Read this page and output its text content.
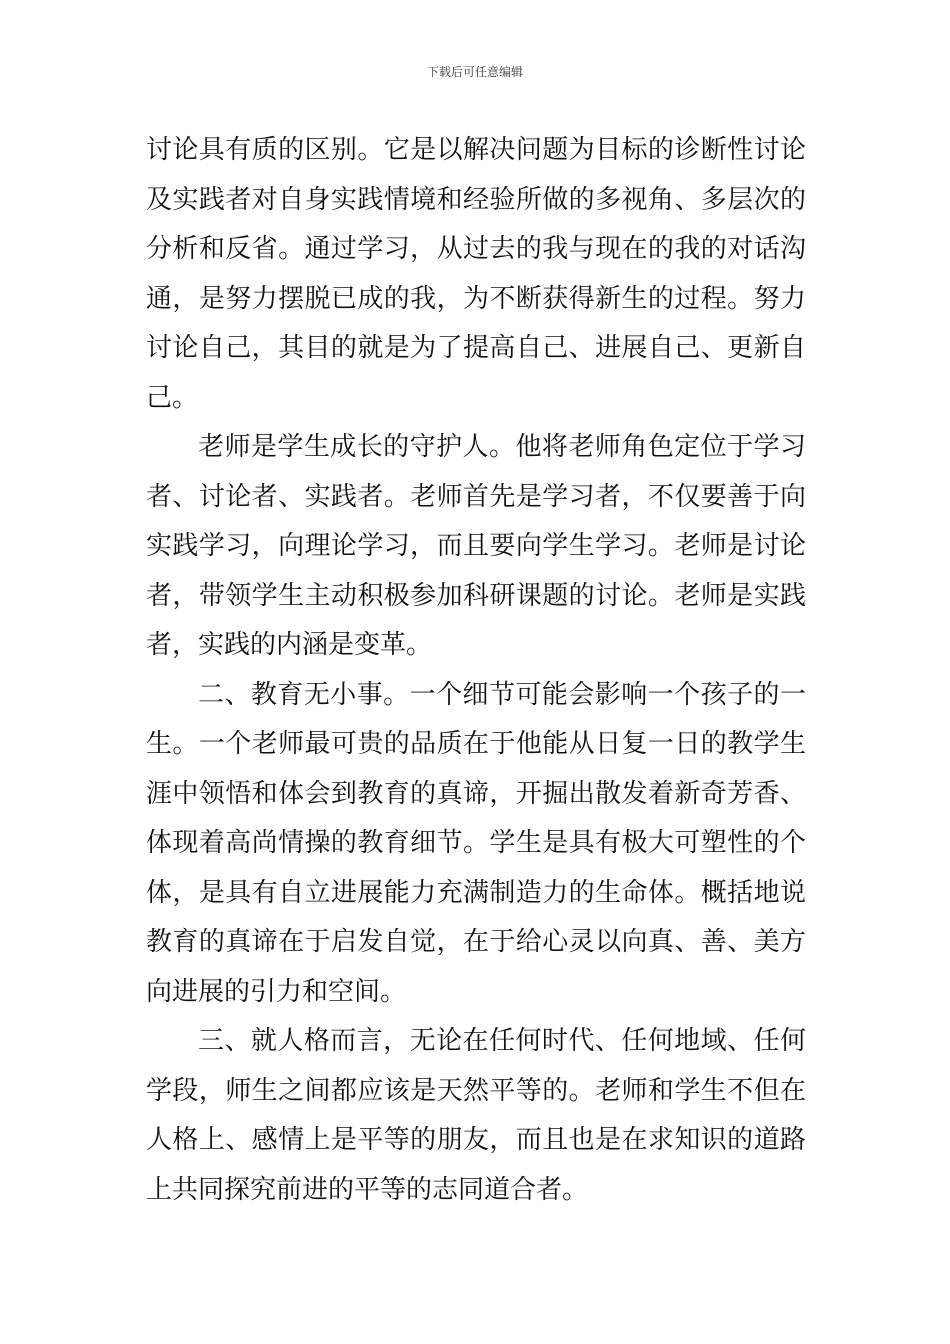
下载后可任意编辑

讨论具有质的区别。它是以解决问题为目标的诊断性讨论及实践者对自身实践情境和经验所做的多视角、多层次的分析和反省。通过学习，从过去的我与现在的我的对话沟通，是努力摆脱已成的我，为不断获得新生的过程。努力讨论自己，其目的就是为了提高自己、进展自己、更新自己。

老师是学生成长的守护人。他将老师角色定位于学习者、讨论者、实践者。老师首先是学习者，不仅要善于向实践学习，向理论学习，而且要向学生学习。老师是讨论者，带领学生主动积极参加科研课题的讨论。老师是实践者，实践的内涵是变革。

二、教育无小事。一个细节可能会影响一个孩子的一生。一个老师最可贵的品质在于他能从日复一日的教学生涯中领悟和体会到教育的真谛，开掘出散发着新奇芳香、体现着高尚情操的教育细节。学生是具有极大可塑性的个体，是具有自立进展能力充满制造力的生命体。概括地说教育的真谛在于启发自觉，在于给心灵以向真、善、美方向进展的引力和空间。

三、就人格而言，无论在任何时代、任何地域、任何学段，师生之间都应该是天然平等的。老师和学生不但在人格上、感情上是平等的朋友，而且也是在求知识的道路上共同探究前进的平等的志同道合者。
